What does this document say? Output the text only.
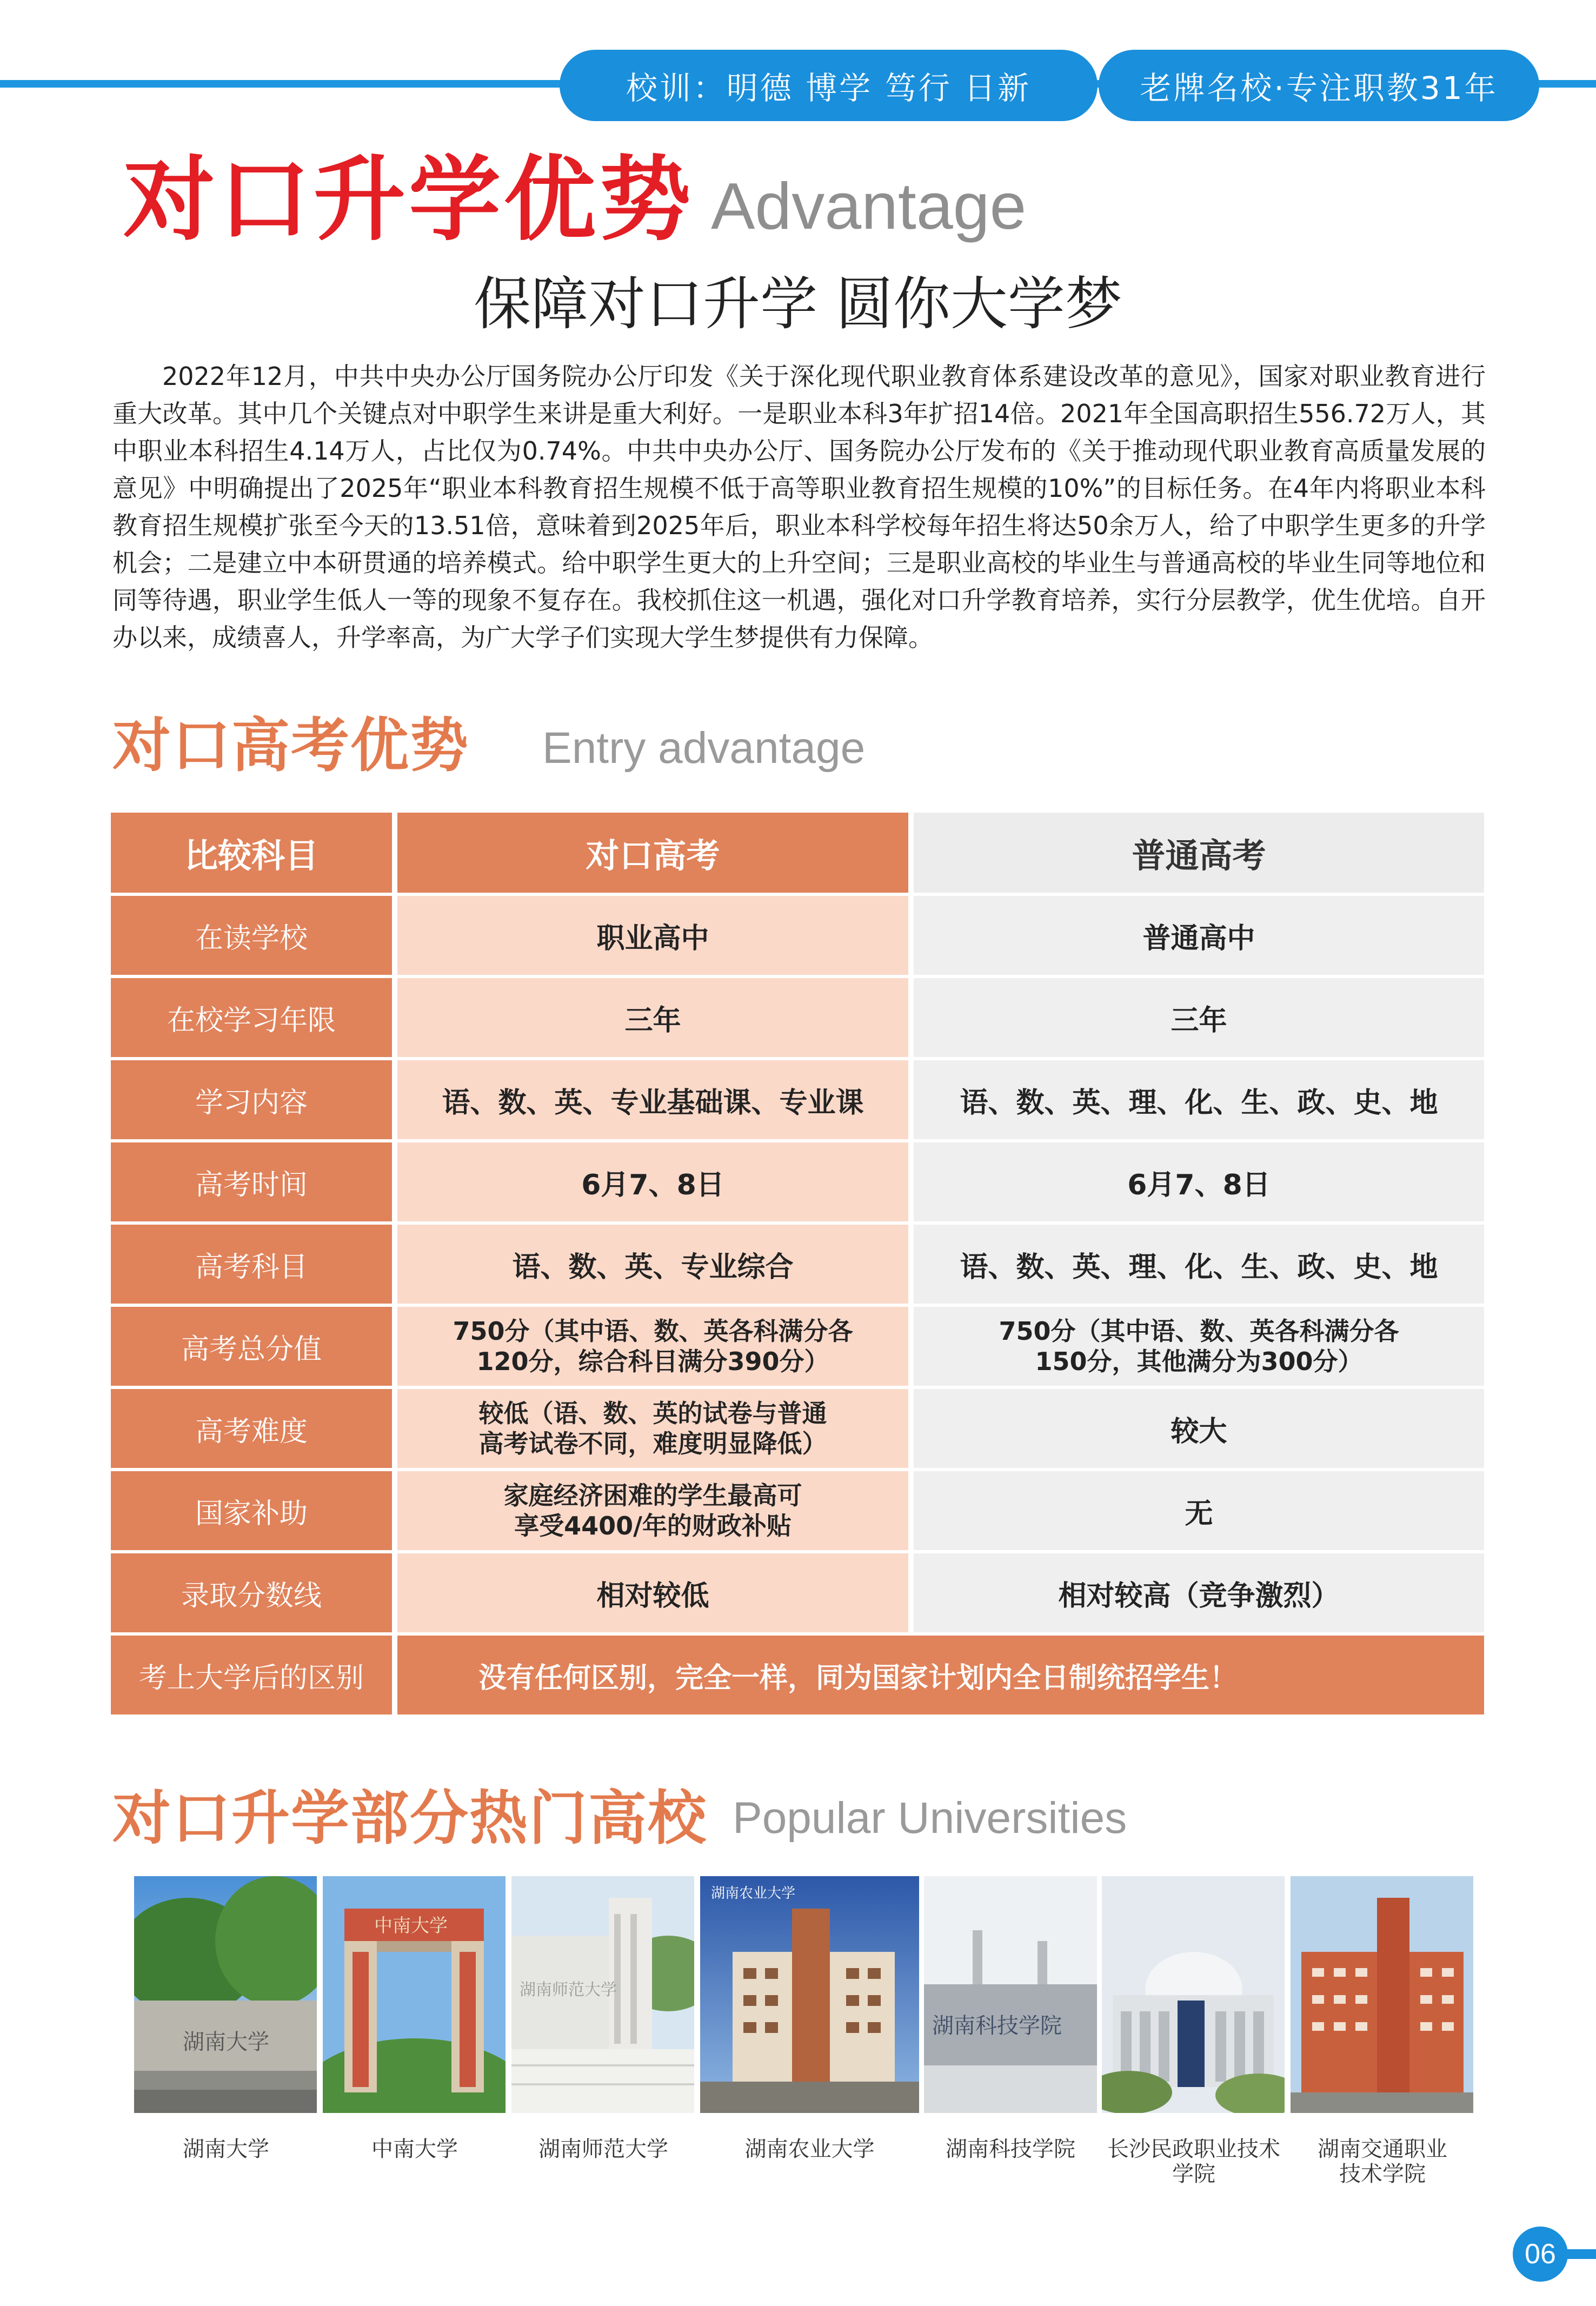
校训：明德 博学 笃行 日新	老牌名校·专注职教31年
对口升学优势 Advantage
保障对口升学 圆你大学梦

2022年12月，中共中央办公厅国务院办公厅印发《关于深化现代职业教育体系建设改革的意见》，国家对职业教育进行重大改革。其中几个关键点对中职学生来讲是重大利好。一是职业本科3年扩招14倍。2021年全国高职招生556.72万人，其中职业本科招生4.14万人，占比仅为0.74%。中共中央办公厅、国务院办公厅发布的《关于推动现代职业教育高质量发展的意见》中明确提出了2025年“职业本科教育招生规模不低于高等职业教育招生规模的10%”的目标任务。在4年内将职业本科教育招生规模扩张至今天的13.51倍，意味着到2025年后，职业本科学校每年招生将达50余万人，给了中职学生更多的升学机会；二是建立中本研贯通的培养模式。给中职学生更大的上升空间；三是职业高校的毕业生与普通高校的毕业生同等地位和同等待遇，职业学生低人一等的现象不复存在。我校抓住这一机遇，强化对口升学教育培养，实行分层教学，优生优培。自开办以来，成绩喜人，升学率高，为广大学子们实现大学生梦提供有力保障。

对口高考优势 Entry advantage
比较科目	对口高考	普通高考
在读学校	职业高中	普通高中
在校学习年限	三年	三年
学习内容	语、数、英、专业基础课、专业课	语、数、英、理、化、生、政、史、地
高考时间	6月7、8日	6月7、8日
高考科目	语、数、英、专业综合	语、数、英、理、化、生、政、史、地
高考总分值	750分（其中语、数、英各科满分各120分，综合科目满分390分）	750分（其中语、数、英各科满分各150分，其他满分为300分）
高考难度	较低（语、数、英的试卷与普通高考试卷不同，难度明显降低）	较大
国家补助	家庭经济困难的学生最高可享受4400/年的财政补贴	无
录取分数线	相对较低	相对较高（竞争激烈）
考上大学后的区别	没有任何区别，完全一样，同为国家计划内全日制统招学生！	
对口升学部分热门高校 Popular Universities
湖南大学
湖南大学
中南大学
中南大学
湖南师范大学
湖南师范大学
湖南农业大学
湖南农业大学
湖南科技学院
湖南科技学院	长沙民政职业技术学院
湖南交通职业技术学院
06
